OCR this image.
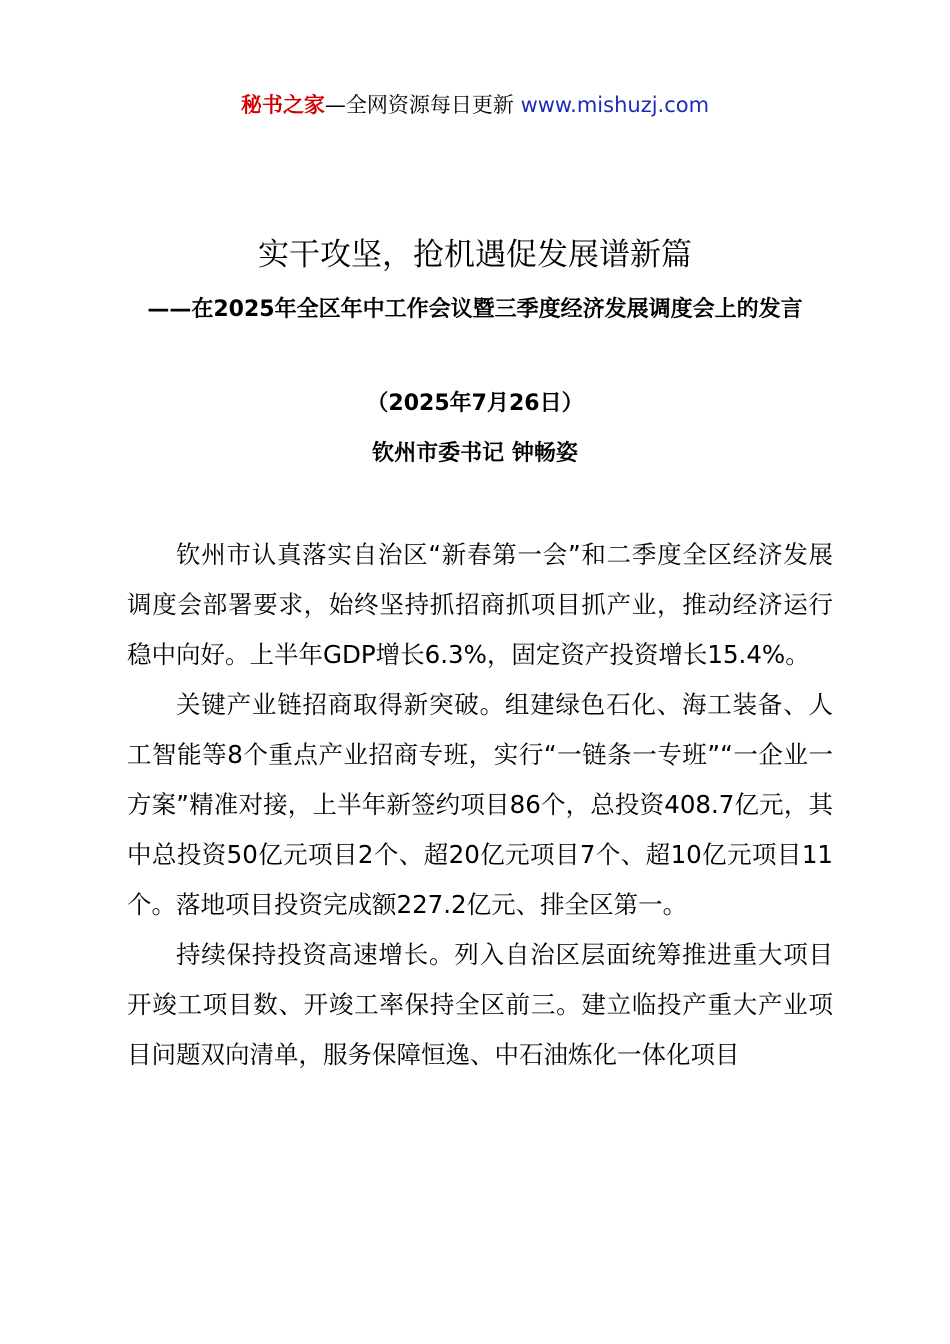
秘书之家—全网资源每日更新 www.mishuzj.com
实干攻坚，抢机遇促发展谱新篇
——在2025年全区年中工作会议暨三季度经济发展调度会上的发言
（2025年7月26日）
钦州市委书记 钟畅姿

钦州市认真落实自治区“新春第一会”和二季度全区经济发展调度会部署要求，始终坚持抓招商抓项目抓产业，推动经济运行稳中向好。上半年GDP增长6.3%，固定资产投资增长15.4%。

关键产业链招商取得新突破。组建绿色石化、海工装备、人工智能等8个重点产业招商专班，实行“一链条一专班”“一企业一方案”精准对接，上半年新签约项目86个，总投资408.7亿元，其中总投资50亿元项目2个、超20亿元项目7个、超10亿元项目11个。落地项目投资完成额227.2亿元、排全区第一。

持续保持投资高速增长。列入自治区层面统筹推进重大项目开竣工项目数、开竣工率保持全区前三。建立临投产重大产业项目问题双向清单，服务保障恒逸、中石油炼化一体化项目
